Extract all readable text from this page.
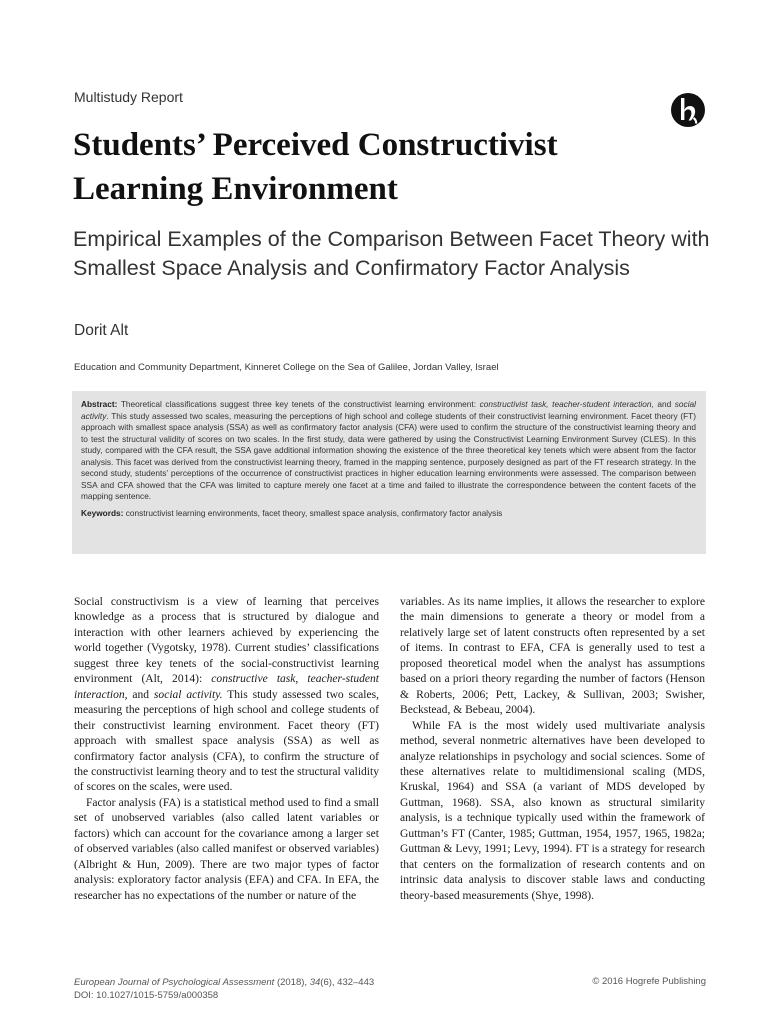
Multistudy Report
Students’ Perceived Constructivist Learning Environment
Empirical Examples of the Comparison Between Facet Theory with Smallest Space Analysis and Confirmatory Factor Analysis
Dorit Alt
Education and Community Department, Kinneret College on the Sea of Galilee, Jordan Valley, Israel
Abstract: Theoretical classifications suggest three key tenets of the constructivist learning environment: constructivist task, teacher-student interaction, and social activity. This study assessed two scales, measuring the perceptions of high school and college students of their constructivist learning environment. Facet theory (FT) approach with smallest space analysis (SSA) as well as confirmatory factor analysis (CFA) were used to confirm the structure of the constructivist learning theory and to test the structural validity of scores on two scales. In the first study, data were gathered by using the Constructivist Learning Environment Survey (CLES). In this study, compared with the CFA result, the SSA gave additional information showing the existence of the three theoretical key tenets which were absent from the factor analysis. This facet was derived from the constructivist learning theory, framed in the mapping sentence, purposely designed as part of the FT research strategy. In the second study, students’ perceptions of the occurrence of constructivist practices in higher education learning environments were assessed. The comparison between SSA and CFA showed that the CFA was limited to capture merely one facet at a time and failed to illustrate the correspondence between the content facets of the mapping sentence.
Keywords: constructivist learning environments, facet theory, smallest space analysis, confirmatory factor analysis

Social constructivism is a view of learning that perceives knowledge as a process that is structured by dialogue and interaction with other learners achieved by experiencing the world together (Vygotsky, 1978). Current studies’ classifications suggest three key tenets of the social-constructivist learning environment (Alt, 2014): constructive task, teacher-student interaction, and social activity. This study assessed two scales, measuring the perceptions of high school and college students of their constructivist learning environment. Facet theory (FT) approach with smallest space analysis (SSA) as well as confirmatory factor analysis (CFA), to confirm the structure of the constructivist learning theory and to test the structural validity of scores on the scales, were used.

Factor analysis (FA) is a statistical method used to find a small set of unobserved variables (also called latent variables or factors) which can account for the covariance among a larger set of observed variables (also called manifest or observed variables) (Albright & Hun, 2009). There are two major types of factor analysis: exploratory factor analysis (EFA) and CFA. In EFA, the researcher has no expectations of the number or nature of the

variables. As its name implies, it allows the researcher to explore the main dimensions to generate a theory or model from a relatively large set of latent constructs often represented by a set of items. In contrast to EFA, CFA is generally used to test a proposed theoretical model when the analyst has assumptions based on a priori theory regarding the number of factors (Henson & Roberts, 2006; Pett, Lackey, & Sullivan, 2003; Swisher, Beckstead, & Bebeau, 2004).

While FA is the most widely used multivariate analysis method, several nonmetric alternatives have been developed to analyze relationships in psychology and social sciences. Some of these alternatives relate to multidimensional scaling (MDS, Kruskal, 1964) and SSA (a variant of MDS developed by Guttman, 1968). SSA, also known as structural similarity analysis, is a technique typically used within the framework of Guttman’s FT (Canter, 1985; Guttman, 1954, 1957, 1965, 1982a; Guttman & Levy, 1991; Levy, 1994). FT is a strategy for research that centers on the formalization of research contents and on intrinsic data analysis to discover stable laws and conducting theory-based measurements (Shye, 1998).

European Journal of Psychological Assessment (2018), 34(6), 432–443
DOI: 10.1027/1015-5759/a000358
© 2016 Hogrefe Publishing
